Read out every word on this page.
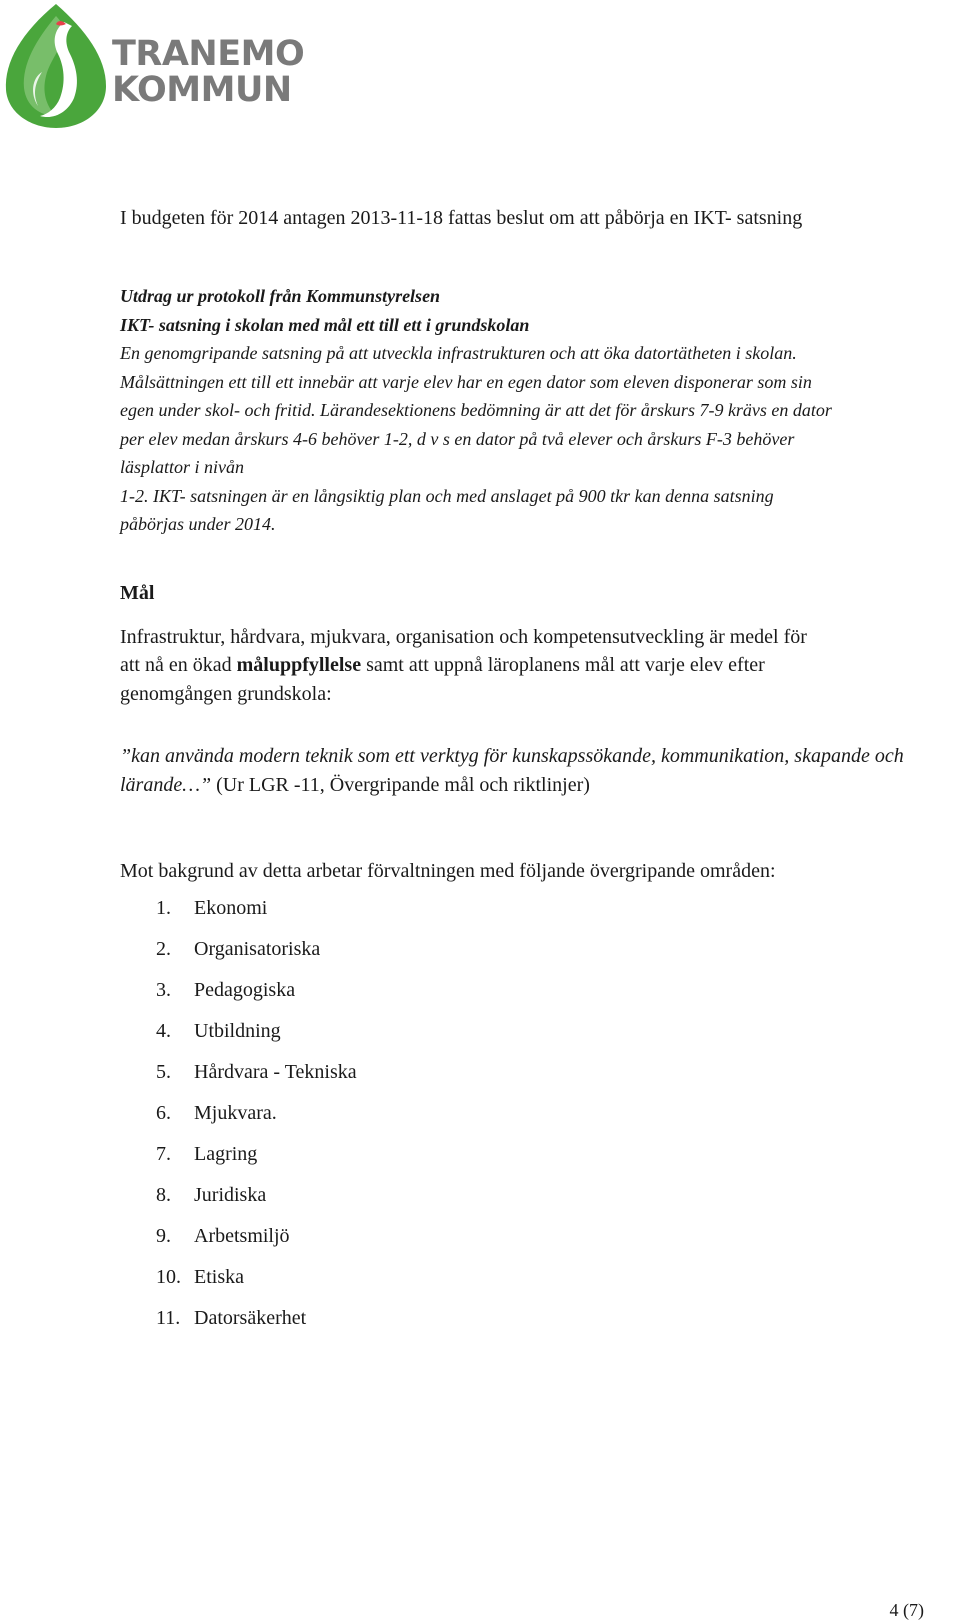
TRANEMO
KOMMUN

I budgeten för 2014 antagen 2013-11-18 fattas beslut om att påbörja en IKT- satsning

Utdrag ur protokoll från Kommunstyrelsen
IKT- satsning i skolan med mål ett till ett i grundskolan
En genomgripande satsning på att utveckla infrastrukturen och att öka datortätheten i skolan.
Målsättningen ett till ett innebär att varje elev har en egen dator som eleven disponerar som sin
egen under skol- och fritid. Lärandesektionens bedömning är att det för årskurs 7-9 krävs en dator
per elev medan årskurs 4-6 behöver 1-2, d v s en dator på två elever och årskurs F-3 behöver
läsplattor i nivån
1-2. IKT- satsningen är en långsiktig plan och med anslaget på 900 tkr kan denna satsning
påbörjas under 2014.
Mål
Infrastruktur, hårdvara, mjukvara, organisation och kompetensutveckling är medel för
att nå en ökad måluppfyllelse samt att uppnå läroplanens mål att varje elev efter
genomgången grundskola:
”kan använda modern teknik som ett verktyg för kunskapssökande, kommunikation, skapande och
lärande…” (Ur LGR -11, Övergripande mål och riktlinjer)
Mot bakgrund av detta arbetar förvaltningen med följande övergripande områden:
1.	Ekonomi
2.	Organisatoriska
3.	Pedagogiska
4.	Utbildning
5.	Hårdvara - Tekniska
6.	Mjukvara.
7.	Lagring
8.	Juridiska
9.	Arbetsmiljö
10. Etiska
11. Datorsäkerhet
4 (7)
